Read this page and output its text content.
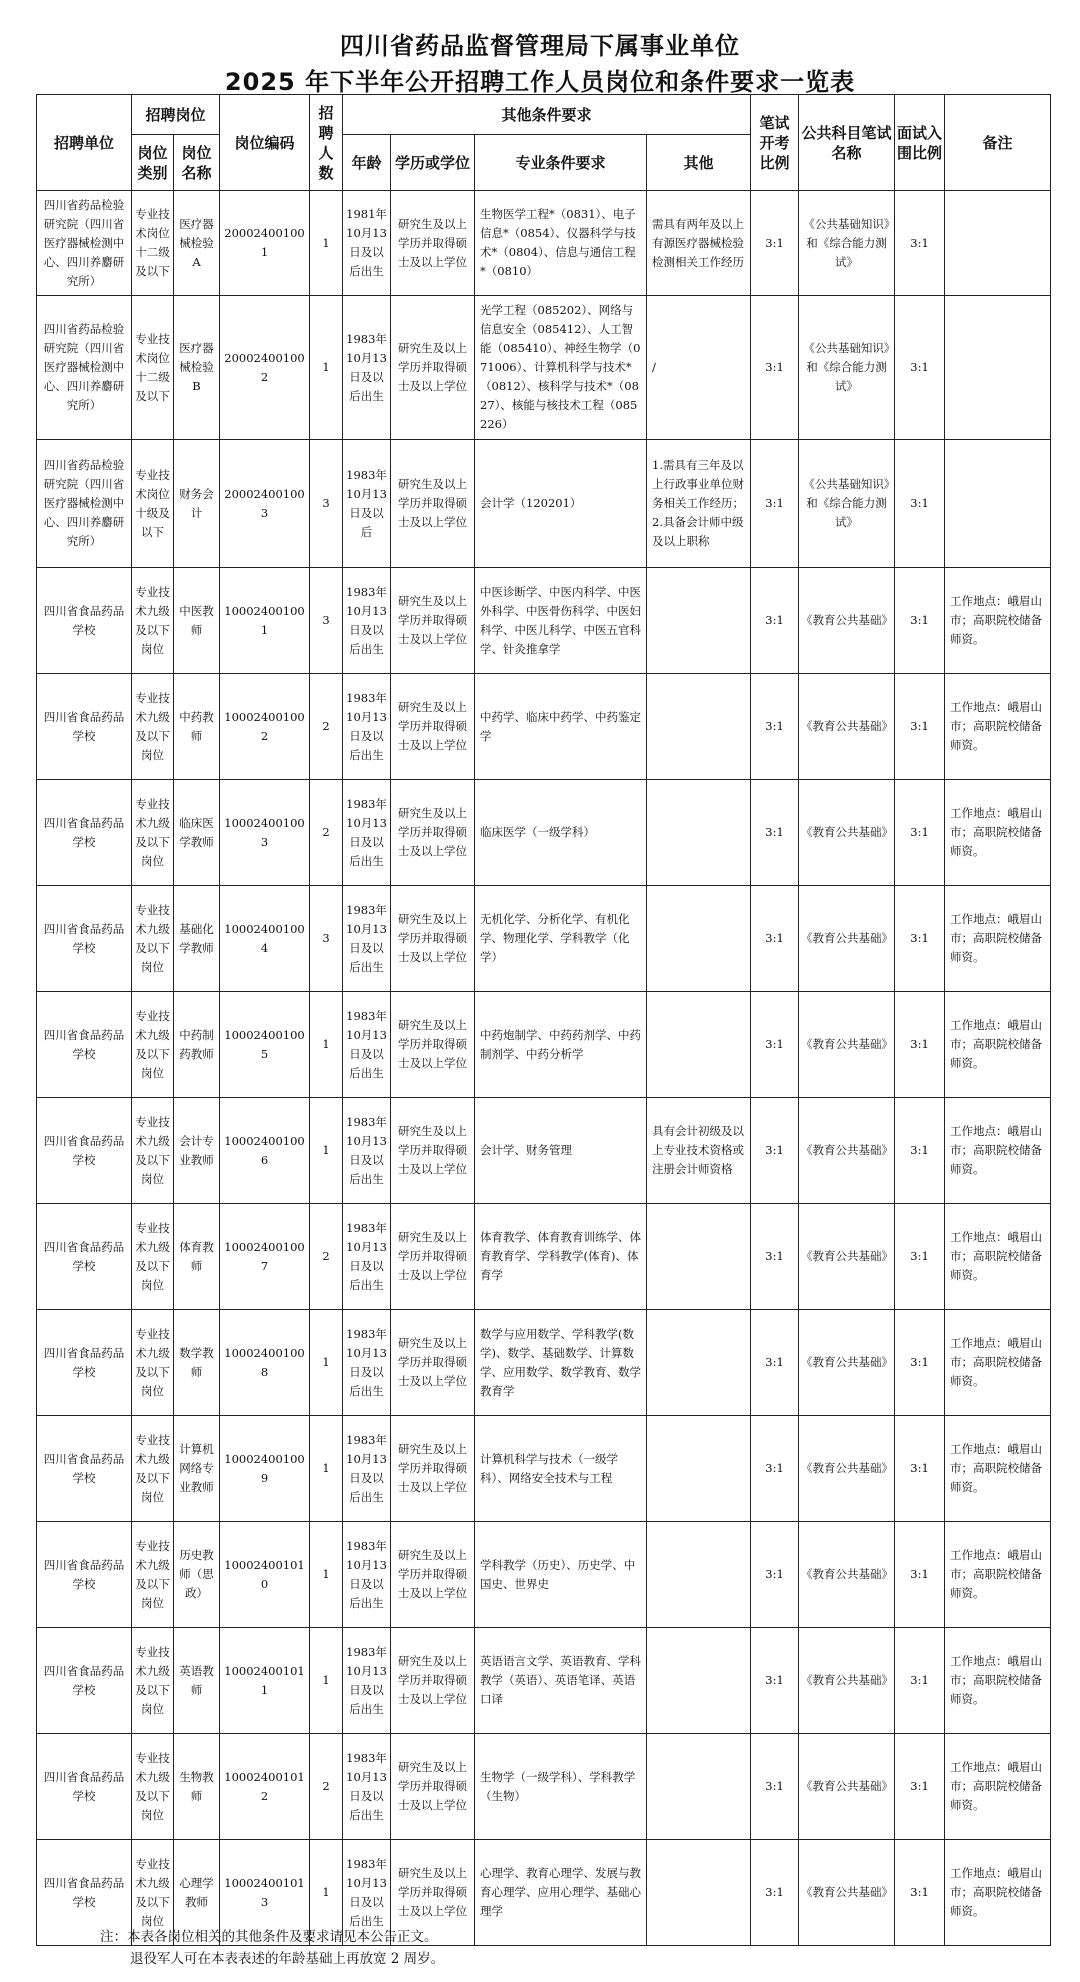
四川省药品监督管理局下属事业单位
2025 年下半年公开招聘工作人员岗位和条件要求一览表
招聘单位	招聘岗位		岗位编码	招聘人数	其他条件要求				笔试开考比例	公共科目笔试名称	面试入围比例	备注
	岗位类别	岗位名称			年龄	学历或学位	专业条件要求	其他				
四川省药品检验研究院（四川省医疗器械检测中心、四川养麝研究所）	专业技术岗位十二级及以下	医疗器械检验A	200024001001	1	1981年10月13日及以后出生	研究生及以上学历并取得硕士及以上学位	生物医学工程*（0831）、电子信息*（0854）、仪器科学与技术*（0804）、信息与通信工程*（0810）	需具有两年及以上有源医疗器械检验检测相关工作经历	3:1	《公共基础知识》和《综合能力测试》	3:1	
四川省药品检验研究院（四川省医疗器械检测中心、四川养麝研究所）	专业技术岗位十二级及以下	医疗器械检验B	200024001002	1	1983年10月13日及以后出生	研究生及以上学历并取得硕士及以上学位	光学工程（085202）、网络与信息安全（085412）、人工智能（085410）、神经生物学（071006）、计算机科学与技术*（0812）、核科学与技术*（0827）、核能与核技术工程（085226）	/	3:1	《公共基础知识》和《综合能力测试》	3:1	
四川省药品检验研究院（四川省医疗器械检测中心、四川养麝研究所）	专业技术岗位十级及以下	财务会计	200024001003	3	1983年10月13日及以后	研究生及以上学历并取得硕士及以上学位	会计学（120201）	1.需具有三年及以上行政事业单位财务相关工作经历；2.具备会计师中级及以上职称	3:1	《公共基础知识》和《综合能力测试》	3:1	
四川省食品药品学校	专业技术九级及以下岗位	中医教师	100024001001	3	1983年10月13日及以后出生	研究生及以上学历并取得硕士及以上学位	中医诊断学、中医内科学、中医外科学、中医骨伤科学、中医妇科学、中医儿科学、中医五官科学、针灸推拿学		3:1	《教育公共基础》	3:1	工作地点：峨眉山市；高职院校储备师资。
四川省食品药品学校	专业技术九级及以下岗位	中药教师	100024001002	2	1983年10月13日及以后出生	研究生及以上学历并取得硕士及以上学位	中药学、临床中药学、中药鉴定学		3:1	《教育公共基础》	3:1	工作地点：峨眉山市；高职院校储备师资。
四川省食品药品学校	专业技术九级及以下岗位	临床医学教师	100024001003	2	1983年10月13日及以后出生	研究生及以上学历并取得硕士及以上学位	临床医学（一级学科）		3:1	《教育公共基础》	3:1	工作地点：峨眉山市；高职院校储备师资。
四川省食品药品学校	专业技术九级及以下岗位	基础化学教师	100024001004	3	1983年10月13日及以后出生	研究生及以上学历并取得硕士及以上学位	无机化学、分析化学、有机化学、物理化学、学科教学（化学）		3:1	《教育公共基础》	3:1	工作地点：峨眉山市；高职院校储备师资。
四川省食品药品学校	专业技术九级及以下岗位	中药制药教师	100024001005	1	1983年10月13日及以后出生	研究生及以上学历并取得硕士及以上学位	中药炮制学、中药药剂学、中药制剂学、中药分析学		3:1	《教育公共基础》	3:1	工作地点：峨眉山市；高职院校储备师资。
四川省食品药品学校	专业技术九级及以下岗位	会计专业教师	100024001006	1	1983年10月13日及以后出生	研究生及以上学历并取得硕士及以上学位	会计学、财务管理	具有会计初级及以上专业技术资格或注册会计师资格	3:1	《教育公共基础》	3:1	工作地点：峨眉山市；高职院校储备师资。
四川省食品药品学校	专业技术九级及以下岗位	体育教师	100024001007	2	1983年10月13日及以后出生	研究生及以上学历并取得硕士及以上学位	体育教学、体育教育训练学、体育教育学、学科教学(体育)、体育学		3:1	《教育公共基础》	3:1	工作地点：峨眉山市；高职院校储备师资。
四川省食品药品学校	专业技术九级及以下岗位	数学教师	100024001008	1	1983年10月13日及以后出生	研究生及以上学历并取得硕士及以上学位	数学与应用数学、学科教学(数学)、数学、基础数学、计算数学、应用数学、数学教育、数学教育学		3:1	《教育公共基础》	3:1	工作地点：峨眉山市；高职院校储备师资。
四川省食品药品学校	专业技术九级及以下岗位	计算机网络专业教师	100024001009	1	1983年10月13日及以后出生	研究生及以上学历并取得硕士及以上学位	计算机科学与技术（一级学科）、网络安全技术与工程		3:1	《教育公共基础》	3:1	工作地点：峨眉山市；高职院校储备师资。
四川省食品药品学校	专业技术九级及以下岗位	历史教师（思政）	100024001010	1	1983年10月13日及以后出生	研究生及以上学历并取得硕士及以上学位	学科教学（历史）、历史学、中国史、世界史		3:1	《教育公共基础》	3:1	工作地点：峨眉山市；高职院校储备师资。
四川省食品药品学校	专业技术九级及以下岗位	英语教师	100024001011	1	1983年10月13日及以后出生	研究生及以上学历并取得硕士及以上学位	英语语言文学、英语教育、学科教学（英语）、英语笔译、英语口译		3:1	《教育公共基础》	3:1	工作地点：峨眉山市；高职院校储备师资。
四川省食品药品学校	专业技术九级及以下岗位	生物教师	100024001012	2	1983年10月13日及以后出生	研究生及以上学历并取得硕士及以上学位	生物学（一级学科）、学科教学（生物）		3:1	《教育公共基础》	3:1	工作地点：峨眉山市；高职院校储备师资。
四川省食品药品学校	专业技术九级及以下岗位	心理学教师	100024001013	1	1983年10月13日及以后出生	研究生及以上学历并取得硕士及以上学位	心理学、教育心理学、发展与教育心理学、应用心理学、基础心理学		3:1	《教育公共基础》	3:1	工作地点：峨眉山市；高职院校储备师资。
注：本表各岗位相关的其他条件及要求请见本公告正文。
退役军人可在本表表述的年龄基础上再放宽 2 周岁。
